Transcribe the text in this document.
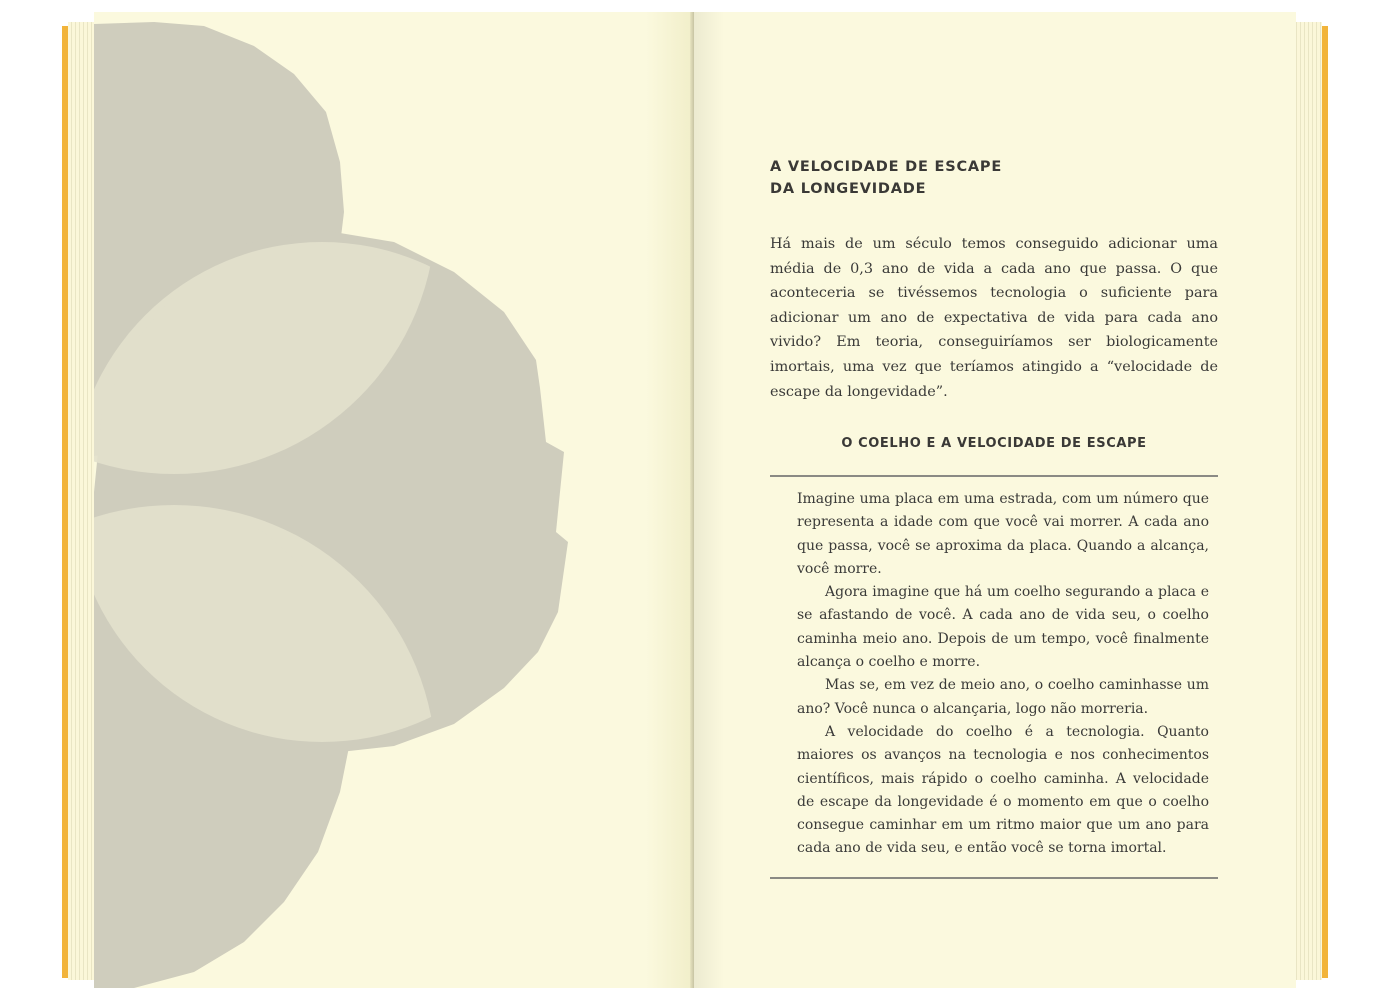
A VELOCIDADE DE ESCAPE
DA LONGEVIDADE

Há mais de um século temos conseguido adicionar uma média de 0,3 ano de vida a cada ano que passa. O que aconteceria se tivéssemos tecnologia o suficiente para adicionar um ano de expectativa de vida para cada ano vivido? Em teoria, conseguiríamos ser biologicamente imortais, uma vez que teríamos atingido a “velocidade de escape da longevidade”.

O COELHO E A VELOCIDADE DE ESCAPE

Imagine uma placa em uma estrada, com um número que representa a idade com que você vai morrer. A cada ano que passa, você se aproxima da placa. Quando a alcança, você morre.

Agora imagine que há um coelho segurando a placa e se afastando de você. A cada ano de vida seu, o coelho caminha meio ano. Depois de um tempo, você finalmente alcança o coelho e morre.

Mas se, em vez de meio ano, o coelho caminhasse um ano? Você nunca o alcançaria, logo não morreria.

A velocidade do coelho é a tecnologia. Quanto maiores os avanços na tecnologia e nos conhecimentos científicos, mais rápido o coelho caminha. A velocidade de escape da longevidade é o momento em que o coelho consegue caminhar em um ritmo maior que um ano para cada ano de vida seu, e então você se torna imortal.
